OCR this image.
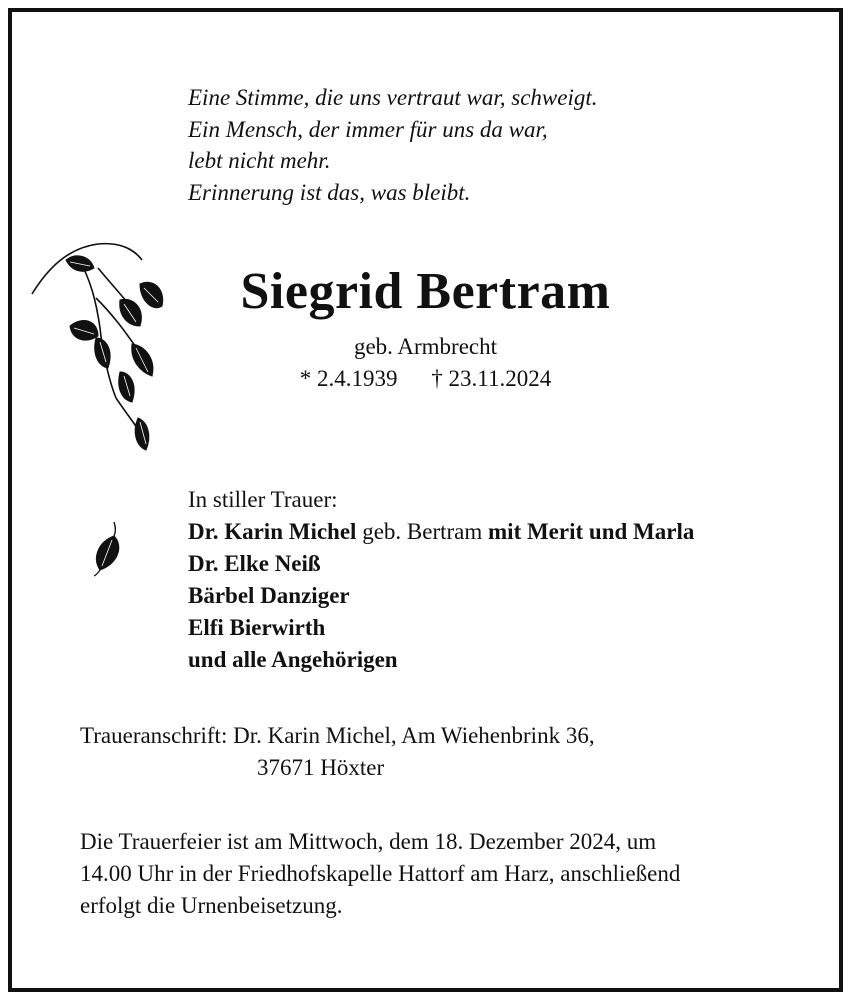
Eine Stimme, die uns vertraut war, schweigt.
Ein Mensch, der immer für uns da war,
lebt nicht mehr.
Erinnerung ist das, was bleibt.
Siegrid Bertram
geb. Armbrecht
* 2.4.1939 † 23.11.2024
In stiller Trauer:
Dr. Karin Michel geb. Bertram mit Merit und Marla
Dr. Elke Neiß
Bärbel Danziger
Elfi Bierwirth
und alle Angehörigen
Traueranschrift: Dr. Karin Michel, Am Wiehenbrink 36,
37671 Höxter
Die Trauerfeier ist am Mittwoch, dem 18. Dezember 2024, um
14.00 Uhr in der Friedhofskapelle Hattorf am Harz, anschließend
erfolgt die Urnenbeisetzung.
